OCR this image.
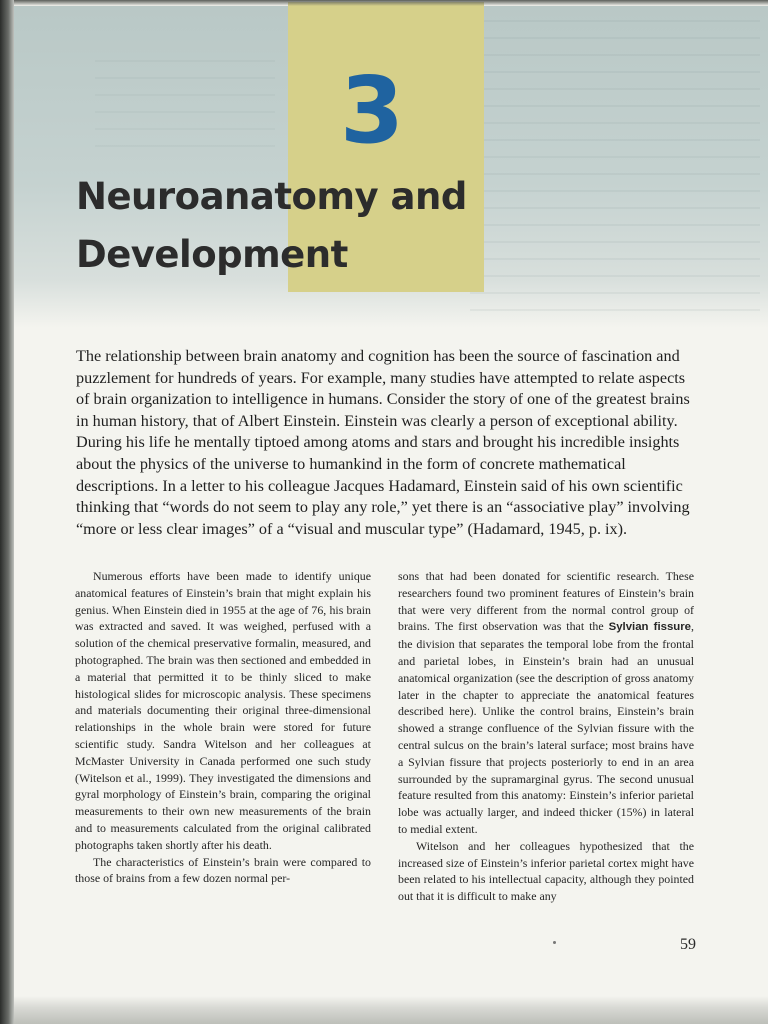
3
Neuroanatomy and
Development

The relationship between brain anatomy and cognition has been the source of fascination and puzzlement for hundreds of years. For example, many studies have attempted to relate aspects of brain organization to intelligence in humans. Consider the story of one of the greatest brains in human history, that of Albert Einstein. Einstein was clearly a person of exceptional ability. During his life he mentally tiptoed among atoms and stars and brought his incredible insights about the physics of the universe to humankind in the form of concrete mathematical descriptions. In a letter to his colleague Jacques Hadamard, Einstein said of his own scientific thinking that “words do not seem to play any role,” yet there is an “associative play” involving “more or less clear images” of a “visual and muscular type” (Hadamard, 1945, p. ix).

Numerous efforts have been made to identify unique anatomical features of Einstein’s brain that might explain his genius. When Einstein died in 1955 at the age of 76, his brain was extracted and saved. It was weighed, perfused with a solution of the chemical preservative formalin, measured, and photographed. The brain was then sectioned and embedded in a material that permitted it to be thinly sliced to make histological slides for microscopic analysis. These specimens and materials documenting their original three-dimensional relationships in the whole brain were stored for future scientific study. Sandra Witelson and her colleagues at McMaster University in Canada performed one such study (Witelson et al., 1999). They investigated the dimensions and gyral morphology of Einstein’s brain, comparing the original measurements to their own new measurements of the brain and to measurements calculated from the original calibrated photographs taken shortly after his death.

The characteristics of Einstein’s brain were compared to those of brains from a few dozen normal per-

sons that had been donated for scientific research. These researchers found two prominent features of Einstein’s brain that were very different from the normal control group of brains. The first observation was that the Sylvian fissure, the division that separates the temporal lobe from the frontal and parietal lobes, in Einstein’s brain had an unusual anatomical organization (see the description of gross anatomy later in the chapter to appreciate the anatomical features described here). Unlike the control brains, Einstein’s brain showed a strange confluence of the Sylvian fissure with the central sulcus on the brain’s lateral surface; most brains have a Sylvian fissure that projects posteriorly to end in an area surrounded by the supramarginal gyrus. The second unusual feature resulted from this anatomy: Einstein’s inferior parietal lobe was actually larger, and indeed thicker (15%) in lateral to medial extent.

Witelson and her colleagues hypothesized that the increased size of Einstein’s inferior parietal cortex might have been related to his intellectual capacity, although they pointed out that it is difficult to make any

59
